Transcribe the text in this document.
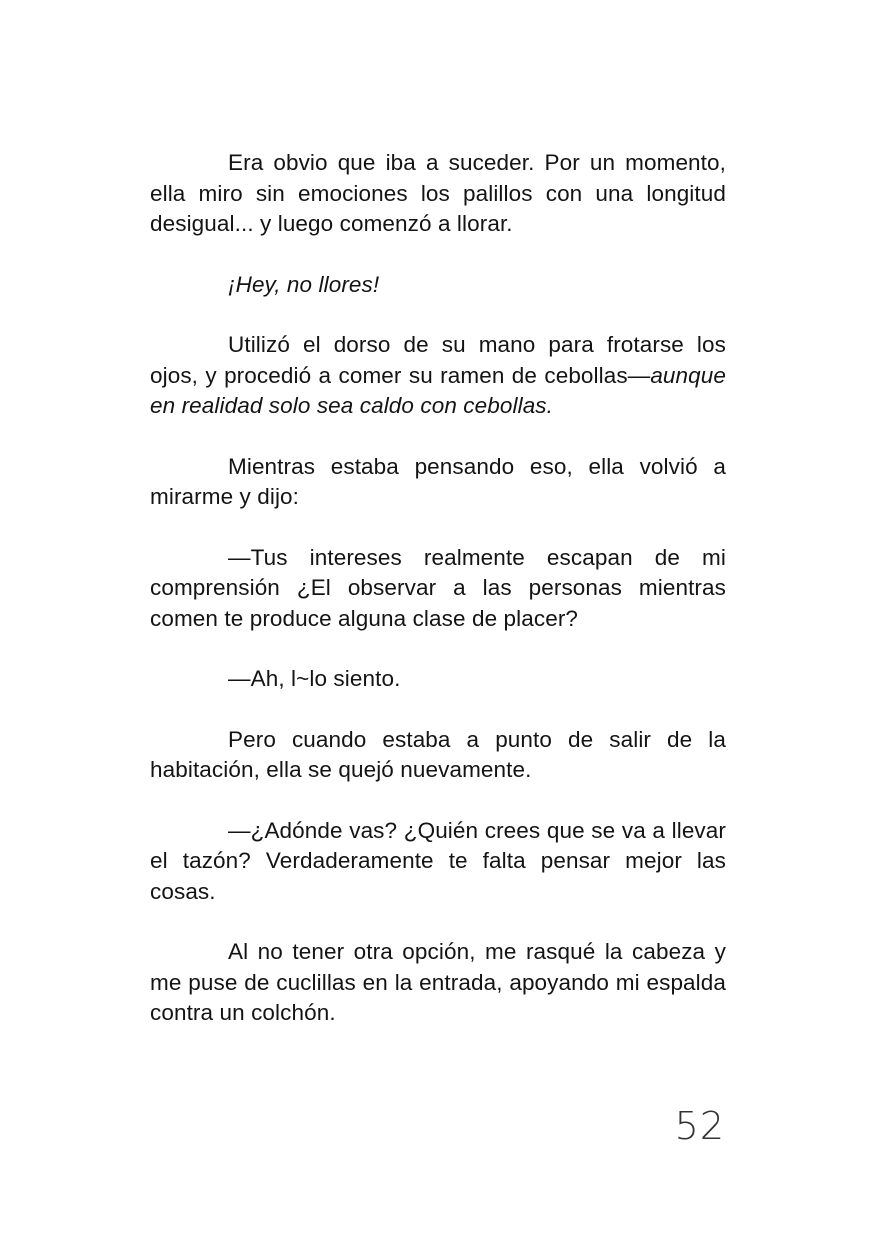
Era obvio que iba a suceder. Por un momento, ella miro sin emociones los palillos con una longitud desigual... y luego comenzó a llorar.

¡Hey, no llores!

Utilizó el dorso de su mano para frotarse los ojos, y procedió a comer su ramen de cebollas—aunque en realidad solo sea caldo con cebollas.

Mientras estaba pensando eso, ella volvió a mirarme y dijo:

—Tus intereses realmente escapan de mi comprensión ¿El observar a las personas mientras comen te produce alguna clase de placer?

—Ah, l~lo siento.

Pero cuando estaba a punto de salir de la habitación, ella se quejó nuevamente.

—¿Adónde vas? ¿Quién crees que se va a llevar el tazón? Verdaderamente te falta pensar mejor las cosas.

Al no tener otra opción, me rasqué la cabeza y me puse de cuclillas en la entrada, apoyando mi espalda contra un colchón.

52
